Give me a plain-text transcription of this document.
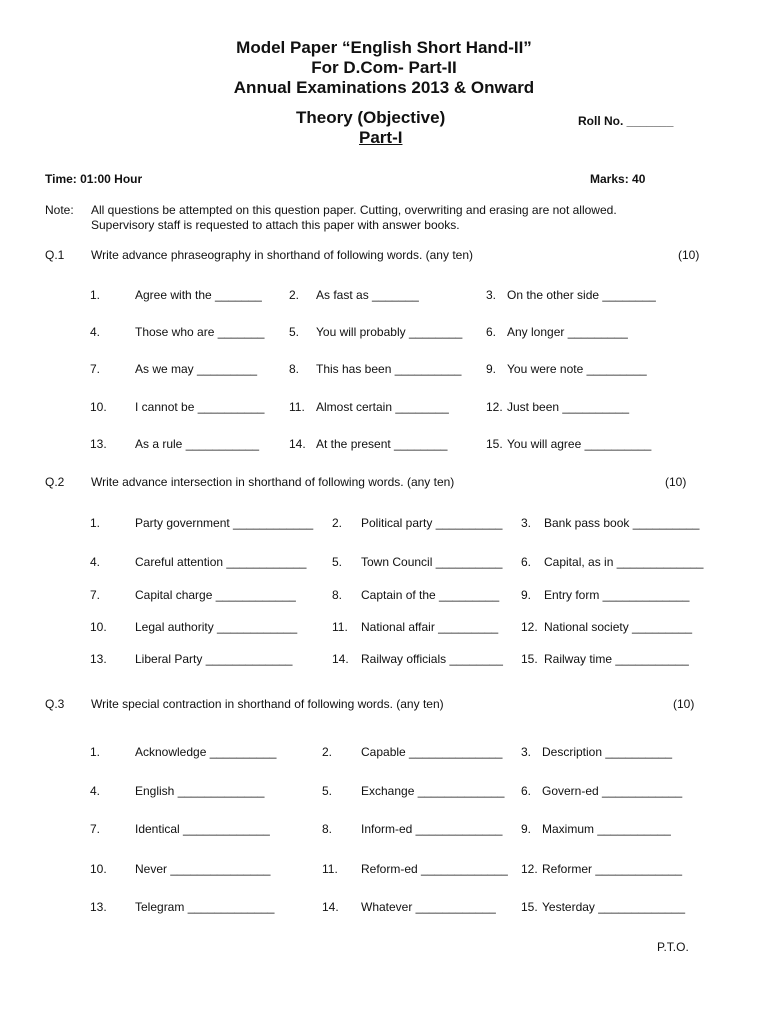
Model Paper “English Short Hand-II”
For D.Com- Part-II
Annual Examinations 2013 & Onward
Theory (Objective)
Part-I
Roll No. _______
Time: 01:00 Hour	Marks: 40
Note: All questions be attempted on this question paper. Cutting, overwriting and erasing are not allowed.
Supervisory staff is requested to attach this paper with answer books.
Q.1 Write advance phraseography in shorthand of following words. (any ten)	(10)
1.	Agree with the _______ 2. As fast as _______	3. On the other side ________
4.	Those who are _______ 5. You will probably ________ 6. Any longer _________
7.	As we may _________	8. This has been __________ 9. You were note _________
10. I cannot be __________ 11. Almost certain ________	12. Just been __________
13. As a rule ___________ 14. At the present ________	15. You will agree __________
Q.2 Write advance intersection in shorthand of following words. (any ten)	(10)
1.	Party government ____________ 2. Political party __________ 3. Bank pass book __________
4.	Careful attention ____________ 5. Town Council __________ 6. Capital, as in _____________
7.	Capital charge ____________	8. Captain of the _________ 9. Entry form _____________
10. Legal authority ____________	11. National affair _________ 12. National society _________
13. Liberal Party _____________	14. Railway officials ________ 15. Railway time ___________
Q.3 Write special contraction in shorthand of following words. (any ten)	(10)
1.	Acknowledge __________	2. Capable ______________ 3. Description __________
4.	English _____________	5. Exchange _____________ 6. Govern-ed ____________
7.	Identical _____________	8. Inform-ed _____________ 9. Maximum ___________
10. Never _______________	11. Reform-ed _____________ 12. Reformer _____________
13. Telegram _____________	14. Whatever ____________ 15. Yesterday _____________
P.T.O.
